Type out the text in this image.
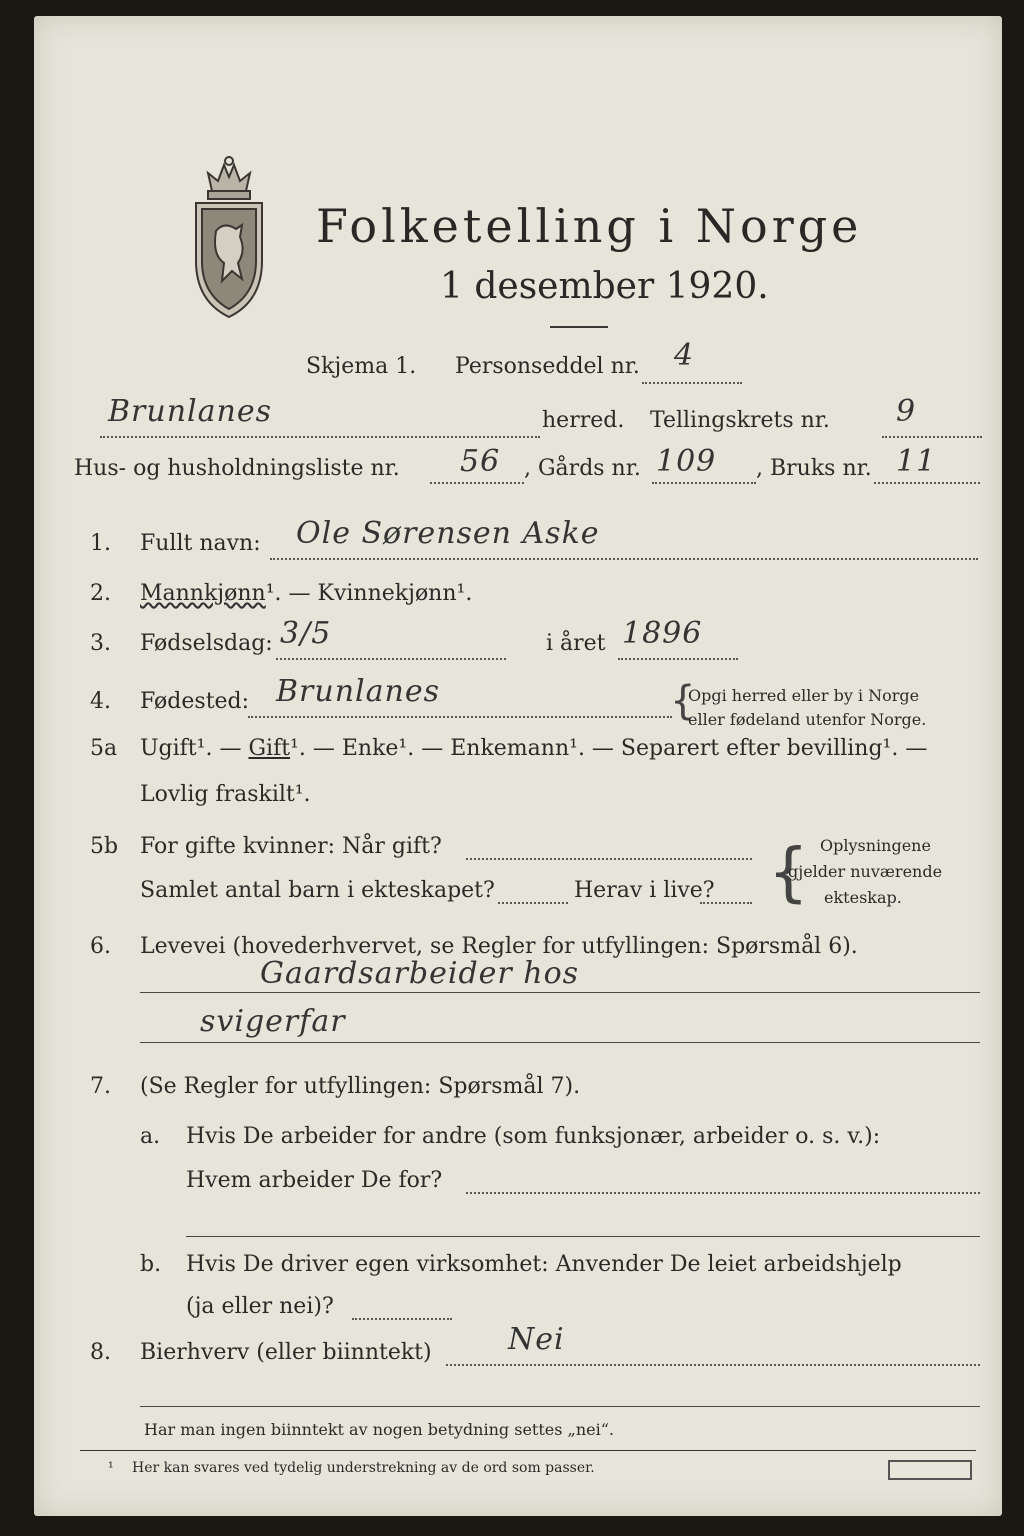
Folketelling i Norge
1 desember 1920.
Skjema 1. Personseddel nr. 4
Brunlanes	herred. Tellingskrets nr. 9
Hus- og husholdningsliste nr. 56 , Gårds nr. 109 , Bruks nr. 11
1. Fullt navn: Ole Sørensen Aske
2. Mannkjønn¹. — Kvinnekjønn¹.
3. Fødselsdag: 3/5	i året 1896
4. Fødested: Brunlanes	{
Opgi herred eller by i Norge
eller fødeland utenfor Norge.
5a Ugift¹. — Gift¹. — Enke¹. — Enkemann¹. — Separert efter bevilling¹. —
Lovlig fraskilt¹.
5b For gifte kvinner: Når gift?
Samlet antal barn i ekteskapet?	Herav i live? { Oplysningene
gjelder nuværende
ekteskap.
6. Levevei (hovederhvervet, se Regler for utfyllingen: Spørsmål 6).
Gaardsarbeider hos
svigerfar
7. (Se Regler for utfyllingen: Spørsmål 7).
a. Hvis De arbeider for andre (som funksjonær, arbeider o. s. v.):
Hvem arbeider De for?
b. Hvis De driver egen virksomhet: Anvender De leiet arbeidshjelp
(ja eller nei)?
8. Bierhverv (eller biinntekt)	Nei
Har man ingen biinntekt av nogen betydning settes „nei“.
¹ Her kan svares ved tydelig understrekning av de ord som passer.
